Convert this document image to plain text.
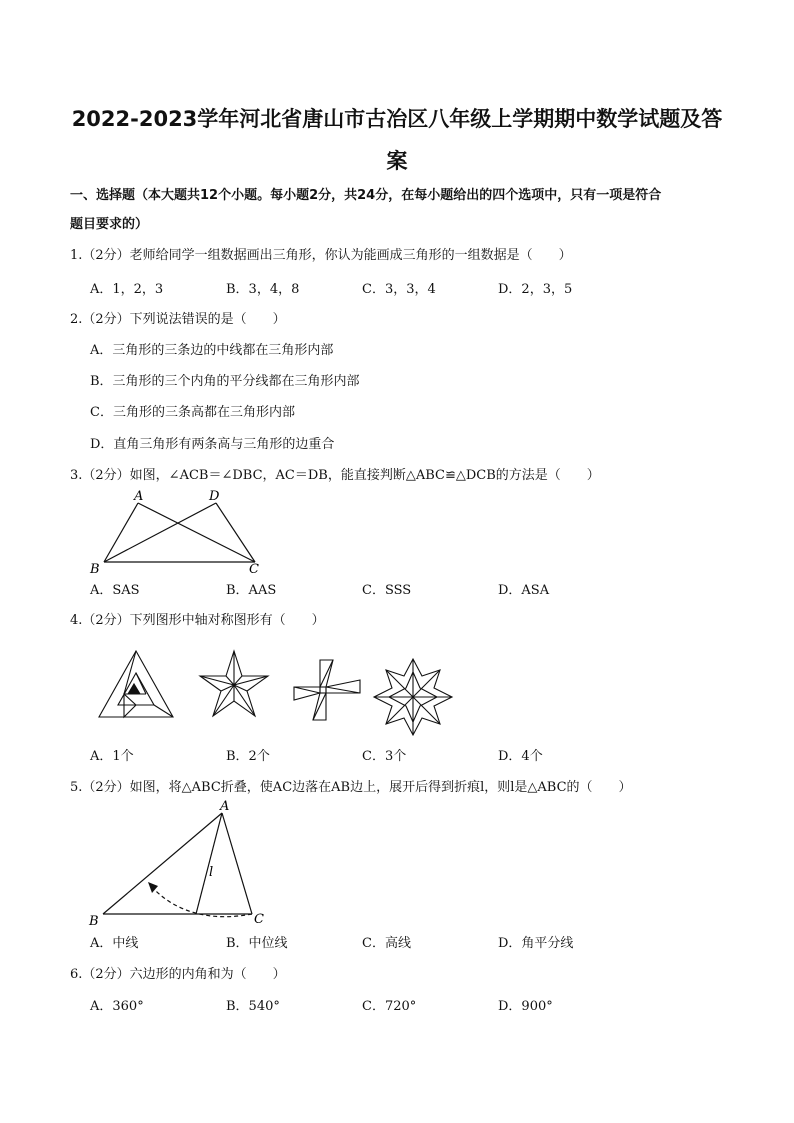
2022-2023学年河北省唐山市古冶区八年级上学期期中数学试题及答
案
一、选择题（本大题共12个小题。每小题2分，共24分，在每小题给出的四个选项中，只有一项是符合
题目要求的）
1.（2分）老师给同学一组数据画出三角形，你认为能画成三角形的一组数据是（　　）
A．1，2，3	B．3，4，8	C．3，3，4	D．2，3，5
2.（2分）下列说法错误的是（　　）
A．三角形的三条边的中线都在三角形内部
B．三角形的三个内角的平分线都在三角形内部
C．三角形的三条高都在三角形内部
D．直角三角形有两条高与三角形的边重合
3.（2分）如图，∠ACB＝∠DBC，AC＝DB，能直接判断△ABC≌△DCB的方法是（　　）
A	D
B	C
A．SAS	B．AAS	C．SSS	D．ASA
4.（2分）下列图形中轴对称图形有（　　）
A．1个	B．2个	C．3个	D．4个
5.（2分）如图，将△ABC折叠，使AC边落在AB边上，展开后得到折痕l，则l是△ABC的（　　）
A
B	C
l
A．中线	B．中位线	C．高线	D．角平分线
6.（2分）六边形的内角和为（　　）
A．360°	B．540°	C．720°	D．900°
